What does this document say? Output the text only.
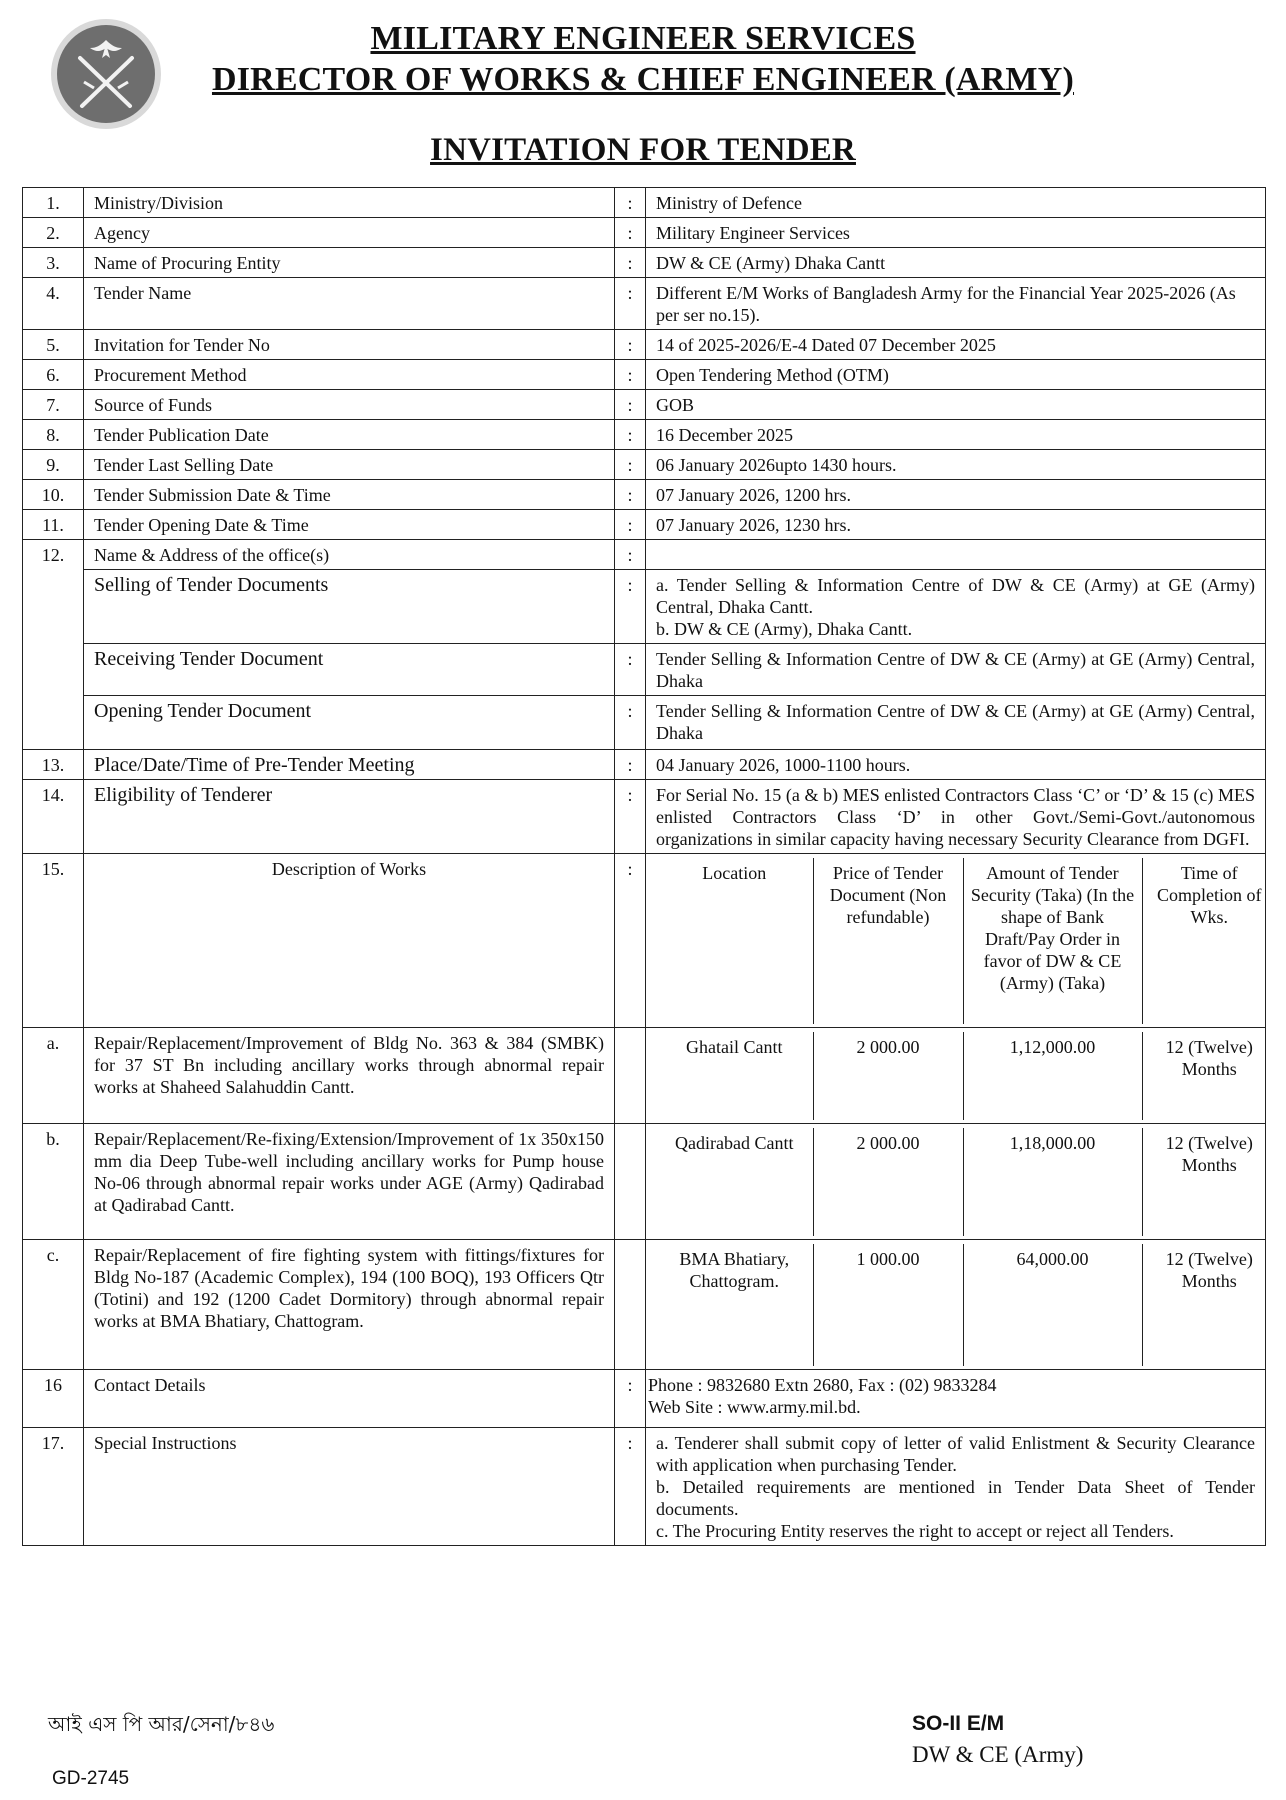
MILITARY ENGINEER SERVICES
DIRECTOR OF WORKS & CHIEF ENGINEER (ARMY)
INVITATION FOR TENDER
1.	Ministry/Division	:	Ministry of Defence
2.	Agency	:	Military Engineer Services
3.	Name of Procuring Entity	:	DW & CE (Army) Dhaka Cantt
4.	Tender Name	:	Different E/M Works of Bangladesh Army for the Financial Year 2025-2026 (As per ser no.15).
5.	Invitation for Tender No	:	14 of 2025-2026/E-4 Dated 07 December 2025
6.	Procurement Method	:	Open Tendering Method (OTM)
7.	Source of Funds	:	GOB
8.	Tender Publication Date	:	16 December 2025
9.	Tender Last Selling Date	:	06 January 2026upto 1430 hours.
10.	Tender Submission Date & Time	:	07 January 2026, 1200 hrs.
11.	Tender Opening Date & Time	:	07 January 2026, 1230 hrs.
12.	Name & Address of the office(s)	:	
Selling of Tender Documents	:	a. Tender Selling & Information Centre of DW & CE (Army) at GE (Army) Central, Dhaka Cantt.
b. DW & CE (Army), Dhaka Cantt.

Receiving Tender Document	:	Tender Selling & Information Centre of DW & CE (Army) at GE (Army) Central, Dhaka
Opening Tender Document	:	Tender Selling & Information Centre of DW & CE (Army) at GE (Army) Central, Dhaka
13.	Place/Date/Time of Pre-Tender Meeting	:	04 January 2026, 1000-1100 hours.
14.	Eligibility of Tenderer	:	For Serial No. 15 (a & b) MES enlisted Contractors Class ‘C’ or ‘D’ & 15 (c) MES enlisted Contractors Class ‘D’ in other Govt./Semi-Govt./autonomous organizations in similar capacity having necessary Security Clearance from DGFI.
15.	Description of Works	:		Location	Price of Tender Document (Non refundable)	Amount of Tender Security (Taka) (In the shape of Bank Draft/Pay Order in favor of DW & CE (Army) (Taka)	Time of Completion of Wks.

a.	Repair/Replacement/Improvement of Bldg No. 363 & 384 (SMBK) for 37 ST Bn including ancillary works through abnormal repair works at Shaheed Salahuddin Cantt.		
Ghatail Cantt	2 000.00	1,12,000.00	12 (Twelve) Months

b.	Repair/Replacement/Re-fixing/Extension/Improvement of 1x 350x150 mm dia Deep Tube-well including ancillary works for Pump house No-06 through abnormal repair works under AGE (Army) Qadirabad at Qadirabad Cantt.		
Qadirabad Cantt	2 000.00	1,18,000.00	12 (Twelve) Months

c.	Repair/Replacement of fire fighting system with fittings/fixtures for Bldg No-187 (Academic Complex), 194 (100 BOQ), 193 Officers Qtr (Totini) and 192 (1200 Cadet Dormitory) through abnormal repair works at BMA Bhatiary, Chattogram.		
BMA Bhatiary, Chattogram.	1 000.00	64,000.00	12 (Twelve) Months

16	Contact Details	:	Phone : 9832680 Extn 2680, Fax : (02) 9833284
Web Site : www.army.mil.bd.

17.	Special Instructions	:	a. Tenderer shall submit copy of letter of valid Enlistment & Security Clearance with application when purchasing Tender.
b. Detailed requirements are mentioned in Tender Data Sheet of Tender documents.
c. The Procuring Entity reserves the right to accept or reject all Tenders.
আই এস পি আর/সেনা/৮৪৬
GD-2745
SO-II E/M
DW & CE (Army)
